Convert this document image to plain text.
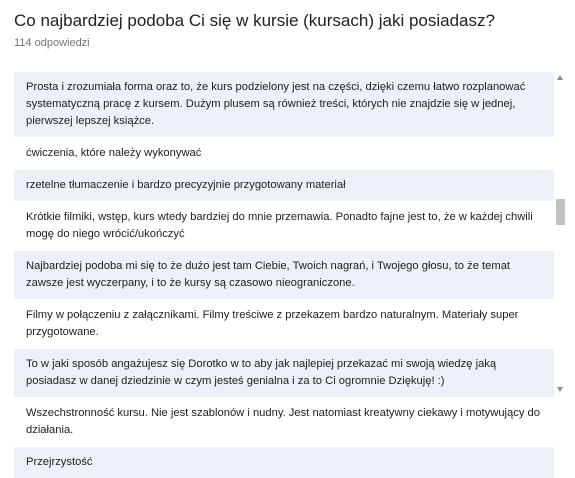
Co najbardziej podoba Ci się w kursie (kursach) jaki posiadasz?
114 odpowiedzi
Prosta i zrozumiała forma oraz to, że kurs podzielony jest na części, dzięki czemu łatwo rozplanować systematyczną pracę z kursem. Dużym plusem są również treści, których nie znajdzie się w jednej, pierwszej lepszej książce.
ćwiczenia, które należy wykonywać
rzetelne tłumaczenie i bardzo precyzyjnie przygotowany materiał
Krótkie filmiki, wstęp, kurs wtedy bardziej do mnie przemawia. Ponadto fajne jest to, że w każdej chwili mogę do niego wrócić/ukończyć
Najbardziej podoba mi się to że dużo jest tam Ciebie, Twoich nagrań, i Twojego głosu, to że temat zawsze jest wyczerpany, i to że kursy są czasowo nieograniczone.
Filmy w połączeniu z załącznikami. Filmy treściwe z przekazem bardzo naturalnym. Materiały super przygotowane.
To w jaki sposób angażujesz się Dorotko w to aby jak najlepiej przekazać mi swoją wiedzę jaką posiadasz w danej dziedzinie w czym jesteś genialna i za to Ci ogromnie Dziękuję! :)
Wszechstronność kursu. Nie jest szablonów i nudny. Jest natomiast kreatywny ciekawy i motywujący do działania.
Przejrzystość
